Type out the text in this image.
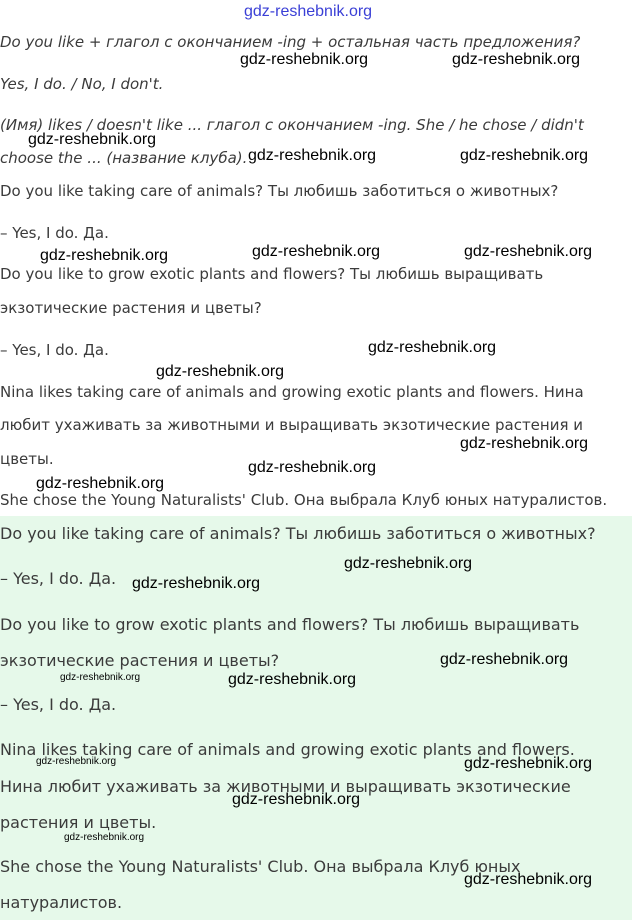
Do you like + глагол с окончанием -ing + остальная часть предложения?
Yes, I do. / No, I don't.
(Имя) likes / doesn't like ... глагол с окончанием -ing. She / he chose / didn't
choose the ... (название клуба).
Do you like taking care of animals? Ты любишь заботиться о животных?
– Yes, I do. Да.
Do you like to grow exotic plants and flowers? Ты любишь выращивать
экзотические растения и цветы?
– Yes, I do. Да.
Nina likes taking care of animals and growing exotic plants and flowers. Нина
любит ухаживать за животными и выращивать экзотические растения и
цветы.
She chose the Young Naturalists' Club. Она выбрала Клуб юных натуралистов.
Do you like taking care of animals? Ты любишь заботиться о животных?
– Yes, I do. Да.
Do you like to grow exotic plants and flowers? Ты любишь выращивать
экзотические растения и цветы?
– Yes, I do. Да.
Nina likes taking care of animals and growing exotic plants and flowers.
Нина любит ухаживать за животными и выращивать экзотические
растения и цветы.
She chose the Young Naturalists' Club. Она выбрала Клуб юных
натуралистов.
gdz-reshebnik.org
gdz-reshebnik.org	gdz-reshebnik.org
gdz-reshebnik.org
gdz-reshebnik.org	gdz-reshebnik.org
gdz-reshebnik.org	gdz-reshebnik.org	gdz-reshebnik.org
gdz-reshebnik.org
gdz-reshebnik.org
gdz-reshebnik.org
gdz-reshebnik.org
gdz-reshebnik.org
gdz-reshebnik.org
gdz-reshebnik.org
gdz-reshebnik.org
gdz-reshebnik.org	gdz-reshebnik.org
gdz-reshebnik.org	gdz-reshebnik.org
gdz-reshebnik.org
gdz-reshebnik.org
gdz-reshebnik.org
